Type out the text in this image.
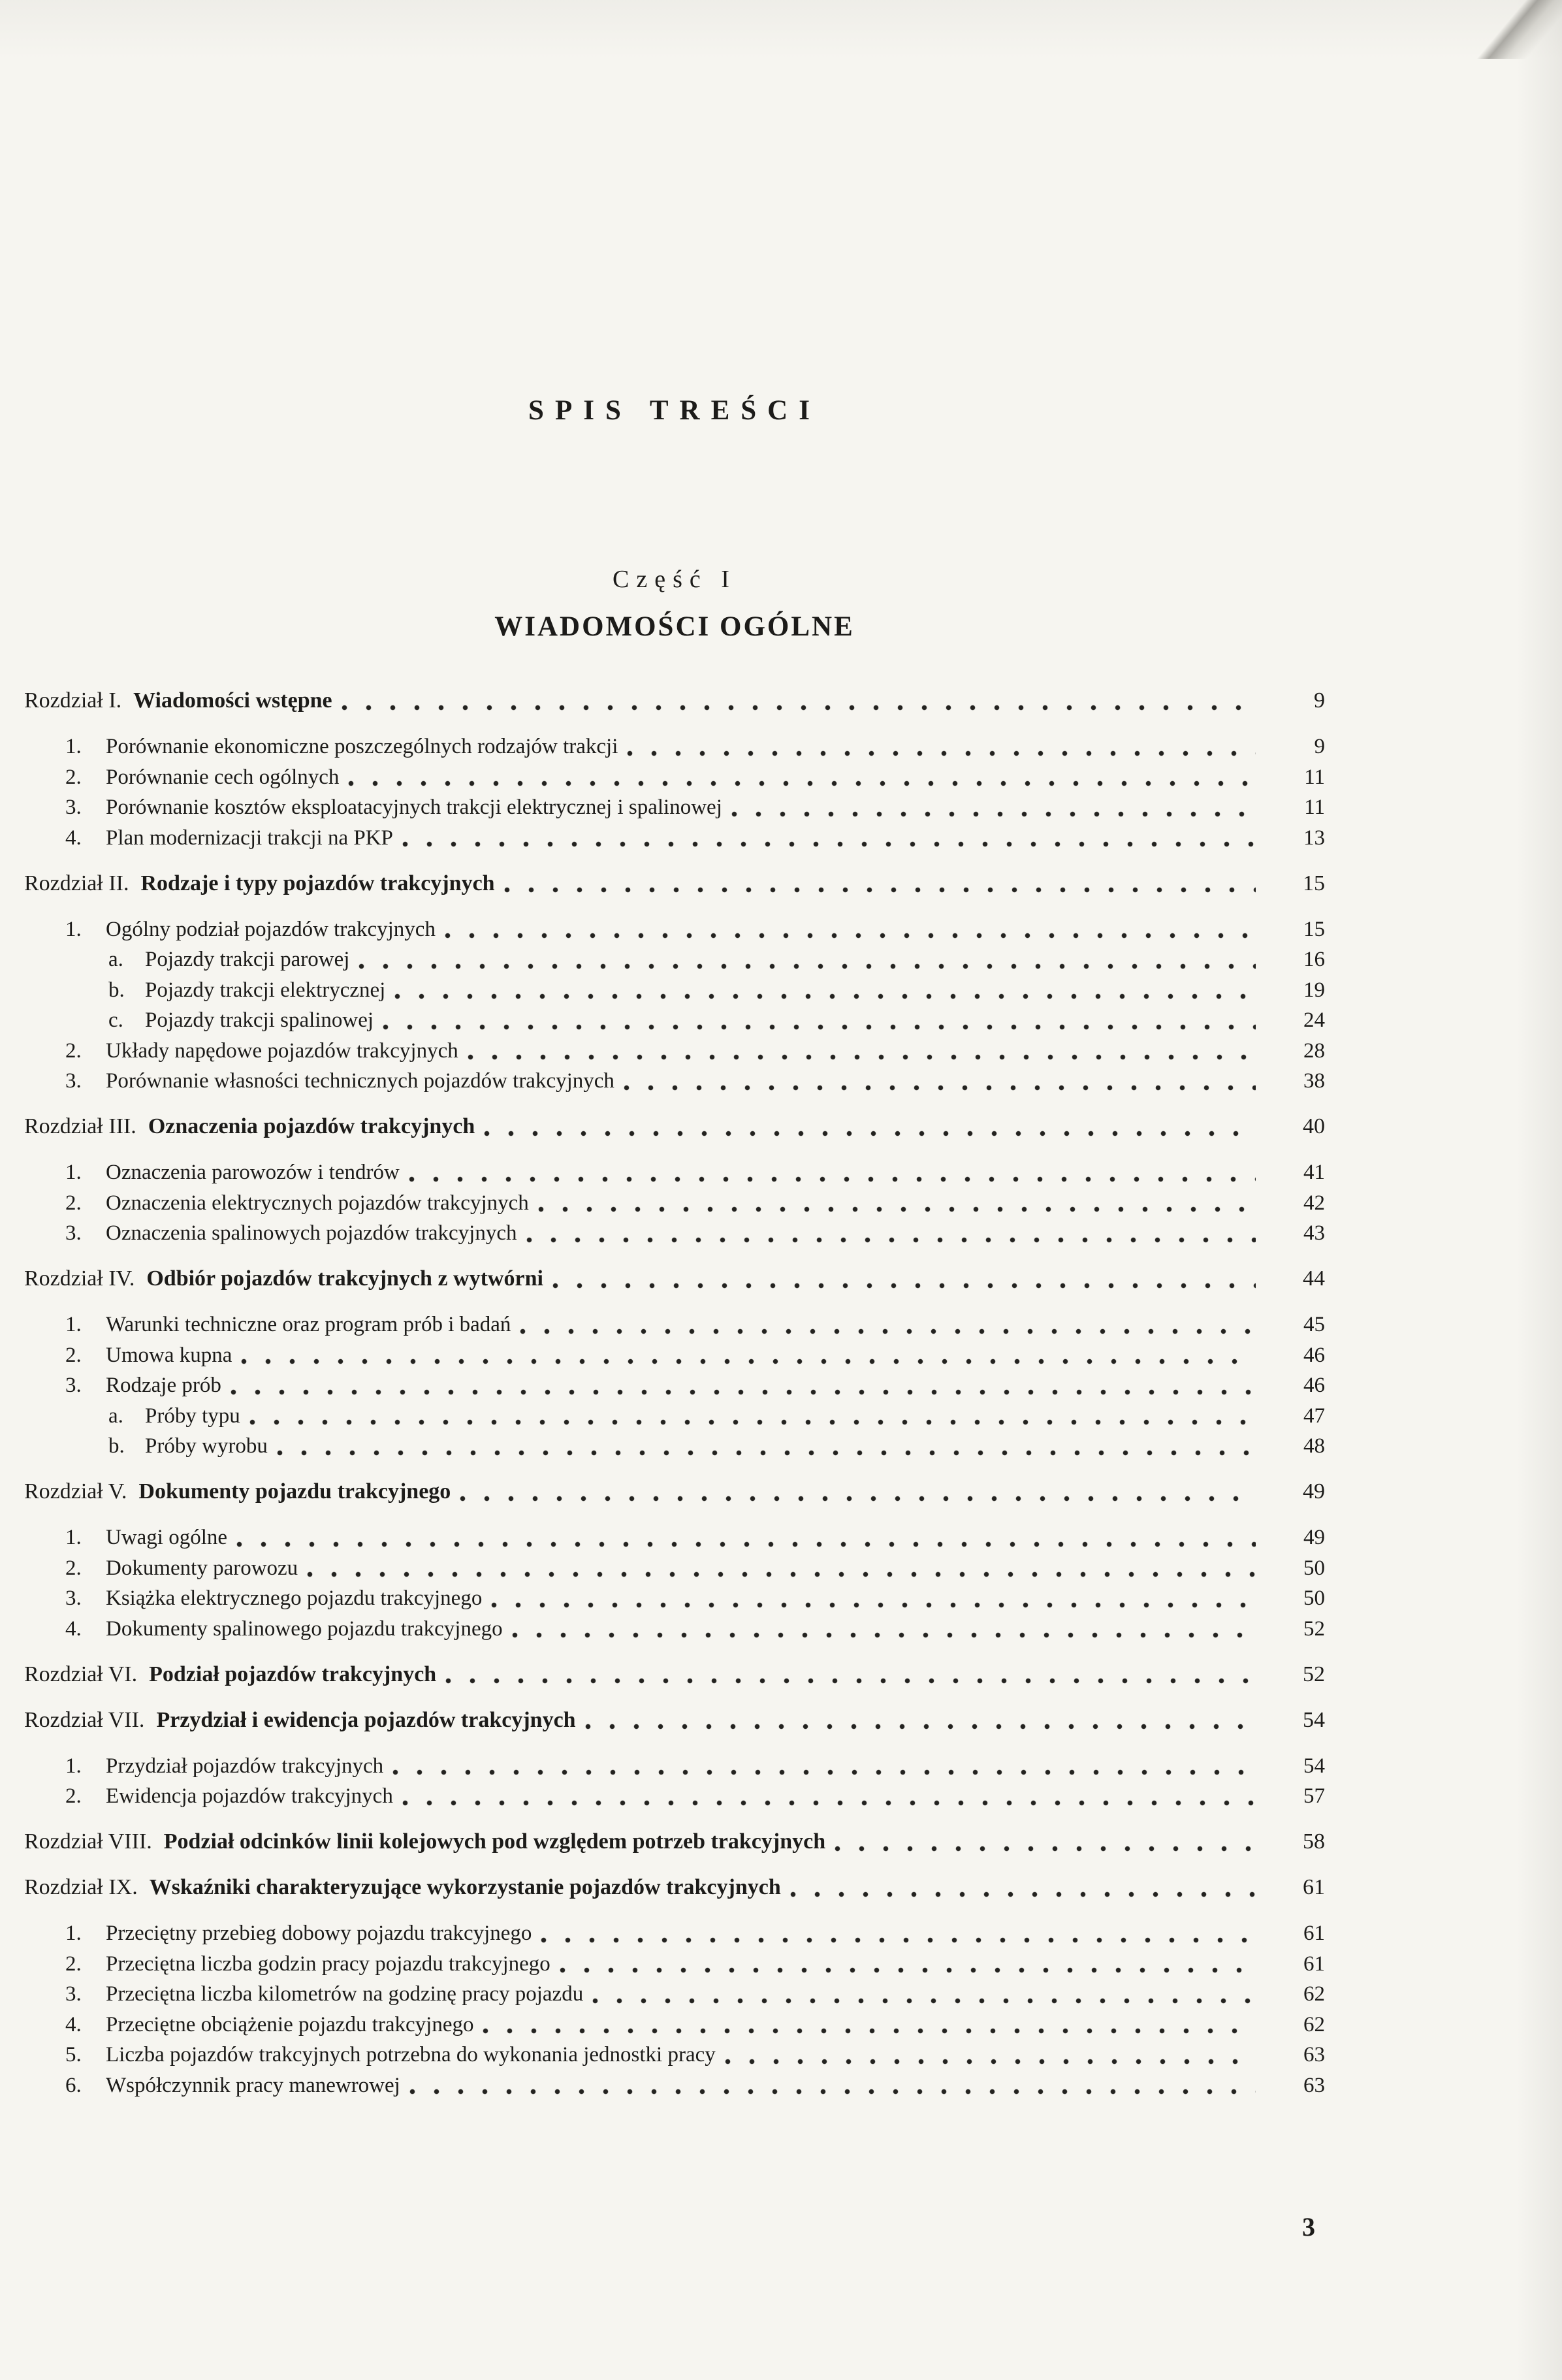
SPIS TREŚCI
Część I
WIADOMOŚCI OGÓLNE
Rozdział I. Wiadomości wstępne	9
1.	Porównanie ekonomiczne poszczególnych rodzajów trakcji	9
2.	Porównanie cech ogólnych	11
3.	Porównanie kosztów eksploatacyjnych trakcji elektrycznej i spalinowej	11
4.	Plan modernizacji trakcji na PKP	13
Rozdział II. Rodzaje i typy pojazdów trakcyjnych	15
1.	Ogólny podział pojazdów trakcyjnych	15
a.	Pojazdy trakcji parowej	16
b. Pojazdy trakcji elektrycznej	19
c.	Pojazdy trakcji spalinowej	24
2.	Układy napędowe pojazdów trakcyjnych	28
3.	Porównanie własności technicznych pojazdów trakcyjnych	38
Rozdział III. Oznaczenia pojazdów trakcyjnych	40
1.	Oznaczenia parowozów i tendrów	41
2.	Oznaczenia elektrycznych pojazdów trakcyjnych	42
3.	Oznaczenia spalinowych pojazdów trakcyjnych	43
Rozdział IV. Odbiór pojazdów trakcyjnych z wytwórni	44
1.	Warunki techniczne oraz program prób i badań	45
2.	Umowa kupna	46
3.	Rodzaje prób	46
a.	Próby typu	47
b. Próby wyrobu	48
Rozdział V. Dokumenty pojazdu trakcyjnego	49
1.	Uwagi ogólne	49
2.	Dokumenty parowozu	50
3.	Książka elektrycznego pojazdu trakcyjnego	50
4.	Dokumenty spalinowego pojazdu trakcyjnego	52
Rozdział VI. Podział pojazdów trakcyjnych	52
Rozdział VII. Przydział i ewidencja pojazdów trakcyjnych	54
1.	Przydział pojazdów trakcyjnych	54
2.	Ewidencja pojazdów trakcyjnych	57
Rozdział VIII. Podział odcinków linii kolejowych pod względem potrzeb trakcyjnych	58
Rozdział IX. Wskaźniki charakteryzujące wykorzystanie pojazdów trakcyjnych	61
1.	Przeciętny przebieg dobowy pojazdu trakcyjnego	61
2.	Przeciętna liczba godzin pracy pojazdu trakcyjnego	61
3.	Przeciętna liczba kilometrów na godzinę pracy pojazdu	62
4.	Przeciętne obciążenie pojazdu trakcyjnego	62
5.	Liczba pojazdów trakcyjnych potrzebna do wykonania jednostki pracy	63
6.	Współczynnik pracy manewrowej	63
3
